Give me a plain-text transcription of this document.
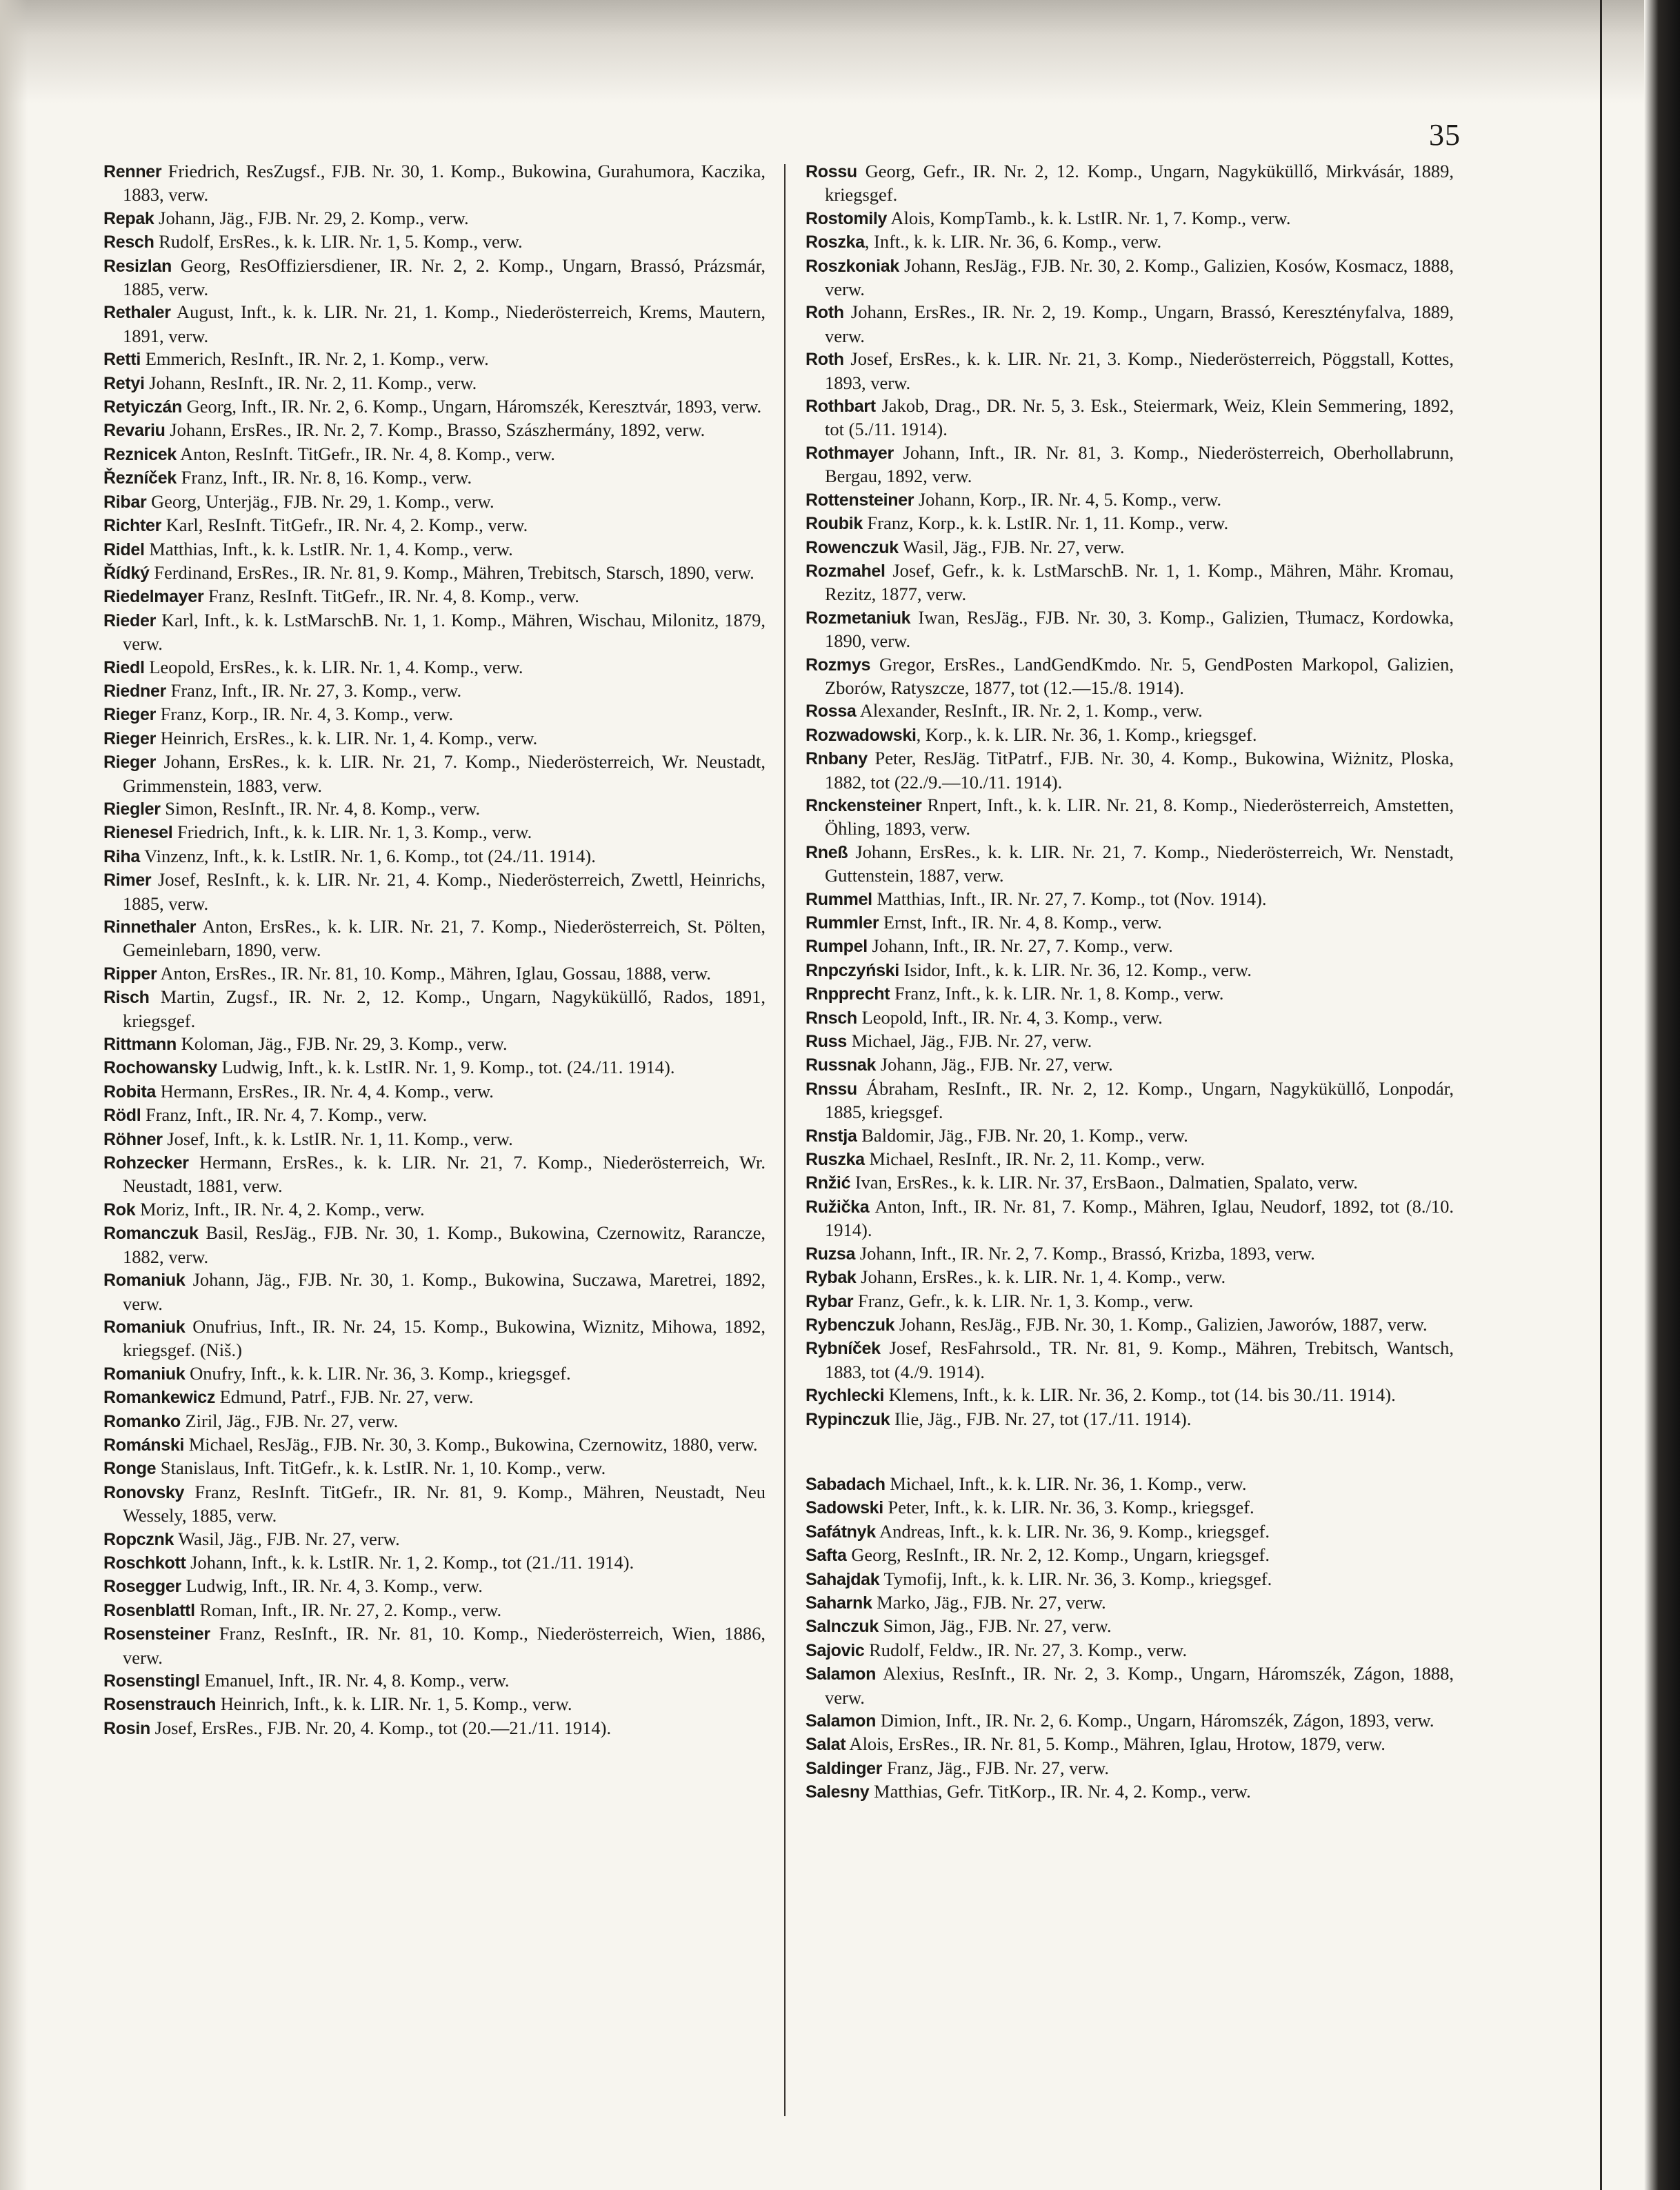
35
Renner Friedrich, ResZugsf., FJB. Nr. 30, 1. Komp., Bukowina, Gurahumora, Kaczika, 1883, verw.
Repak Johann, Jäg., FJB. Nr. 29, 2. Komp., verw.
Resch Rudolf, ErsRes., k. k. LIR. Nr. 1, 5. Komp., verw.
Resizlan Georg, ResOffiziersdiener, IR. Nr. 2, 2. Komp., Ungarn, Brassó, Prázsmár, 1885, verw.
Rethaler August, Inft., k. k. LIR. Nr. 21, 1. Komp., Niederösterreich, Krems, Mautern, 1891, verw.
Retti Emmerich, ResInft., IR. Nr. 2, 1. Komp., verw.
Retyi Johann, ResInft., IR. Nr. 2, 11. Komp., verw.
Retyiczán Georg, Inft., IR. Nr. 2, 6. Komp., Ungarn, Háromszék, Keresztvár, 1893, verw.
Revariu Johann, ErsRes., IR. Nr. 2, 7. Komp., Brasso, Szászhermány, 1892, verw.
Reznicek Anton, ResInft. TitGefr., IR. Nr. 4, 8. Komp., verw.
Řezníček Franz, Inft., IR. Nr. 8, 16. Komp., verw.
Ribar Georg, Unterjäg., FJB. Nr. 29, 1. Komp., verw.
Richter Karl, ResInft. TitGefr., IR. Nr. 4, 2. Komp., verw.
Ridel Matthias, Inft., k. k. LstIR. Nr. 1, 4. Komp., verw.
Řídký Ferdinand, ErsRes., IR. Nr. 81, 9. Komp., Mähren, Trebitsch, Starsch, 1890, verw.
Riedelmayer Franz, ResInft. TitGefr., IR. Nr. 4, 8. Komp., verw.
Rieder Karl, Inft., k. k. LstMarschB. Nr. 1, 1. Komp., Mähren, Wischau, Milonitz, 1879, verw.
Riedl Leopold, ErsRes., k. k. LIR. Nr. 1, 4. Komp., verw.
Riedner Franz, Inft., IR. Nr. 27, 3. Komp., verw.
Rieger Franz, Korp., IR. Nr. 4, 3. Komp., verw.
Rieger Heinrich, ErsRes., k. k. LIR. Nr. 1, 4. Komp., verw.
Rieger Johann, ErsRes., k. k. LIR. Nr. 21, 7. Komp., Niederösterreich, Wr. Neustadt, Grimmenstein, 1883, verw.
Riegler Simon, ResInft., IR. Nr. 4, 8. Komp., verw.
Rienesel Friedrich, Inft., k. k. LIR. Nr. 1, 3. Komp., verw.
Riha Vinzenz, Inft., k. k. LstIR. Nr. 1, 6. Komp., tot (24./11. 1914).
Rimer Josef, ResInft., k. k. LIR. Nr. 21, 4. Komp., Niederösterreich, Zwettl, Heinrichs, 1885, verw.
Rinnethaler Anton, ErsRes., k. k. LIR. Nr. 21, 7. Komp., Niederösterreich, St. Pölten, Gemeinlebarn, 1890, verw.
Ripper Anton, ErsRes., IR. Nr. 81, 10. Komp., Mähren, Iglau, Gossau, 1888, verw.
Risch Martin, Zugsf., IR. Nr. 2, 12. Komp., Ungarn, Nagyküküllő, Rados, 1891, kriegsgef.
Rittmann Koloman, Jäg., FJB. Nr. 29, 3. Komp., verw.
Rochowansky Ludwig, Inft., k. k. LstIR. Nr. 1, 9. Komp., tot. (24./11. 1914).
Robita Hermann, ErsRes., IR. Nr. 4, 4. Komp., verw.
Rödl Franz, Inft., IR. Nr. 4, 7. Komp., verw.
Röhner Josef, Inft., k. k. LstIR. Nr. 1, 11. Komp., verw.
Rohzecker Hermann, ErsRes., k. k. LIR. Nr. 21, 7. Komp., Niederösterreich, Wr. Neustadt, 1881, verw.
Rok Moriz, Inft., IR. Nr. 4, 2. Komp., verw.
Romanczuk Basil, ResJäg., FJB. Nr. 30, 1. Komp., Bukowina, Czernowitz, Rarancze, 1882, verw.
Romaniuk Johann, Jäg., FJB. Nr. 30, 1. Komp., Bukowina, Suczawa, Maretrei, 1892, verw.
Romaniuk Onufrius, Inft., IR. Nr. 24, 15. Komp., Bukowina, Wiznitz, Mihowa, 1892, kriegsgef. (Niš.)
Romaniuk Onufry, Inft., k. k. LIR. Nr. 36, 3. Komp., kriegsgef.
Romankewicz Edmund, Patrf., FJB. Nr. 27, verw.
Romanko Ziril, Jäg., FJB. Nr. 27, verw.
Románski Michael, ResJäg., FJB. Nr. 30, 3. Komp., Bukowina, Czernowitz, 1880, verw.
Ronge Stanislaus, Inft. TitGefr., k. k. LstIR. Nr. 1, 10. Komp., verw.
Ronovsky Franz, ResInft. TitGefr., IR. Nr. 81, 9. Komp., Mähren, Neustadt, Neu Wessely, 1885, verw.
Ropcznk Wasil, Jäg., FJB. Nr. 27, verw.
Roschkott Johann, Inft., k. k. LstIR. Nr. 1, 2. Komp., tot (21./11. 1914).
Rosegger Ludwig, Inft., IR. Nr. 4, 3. Komp., verw.
Rosenblattl Roman, Inft., IR. Nr. 27, 2. Komp., verw.
Rosensteiner Franz, ResInft., IR. Nr. 81, 10. Komp., Niederösterreich, Wien, 1886, verw.
Rosenstingl Emanuel, Inft., IR. Nr. 4, 8. Komp., verw.
Rosenstrauch Heinrich, Inft., k. k. LIR. Nr. 1, 5. Komp., verw.
Rosin Josef, ErsRes., FJB. Nr. 20, 4. Komp., tot (20.—21./11. 1914).
Rossu Georg, Gefr., IR. Nr. 2, 12. Komp., Ungarn, Nagyküküllő, Mirkvásár, 1889, kriegsgef.
Rostomily Alois, KompTamb., k. k. LstIR. Nr. 1, 7. Komp., verw.
Roszka, Inft., k. k. LIR. Nr. 36, 6. Komp., verw.
Roszkoniak Johann, ResJäg., FJB. Nr. 30, 2. Komp., Galizien, Kosów, Kosmacz, 1888, verw.
Roth Johann, ErsRes., IR. Nr. 2, 19. Komp., Ungarn, Brassó, Keresztényfalva, 1889, verw.
Roth Josef, ErsRes., k. k. LIR. Nr. 21, 3. Komp., Niederösterreich, Pöggstall, Kottes, 1893, verw.
Rothbart Jakob, Drag., DR. Nr. 5, 3. Esk., Steiermark, Weiz, Klein Semmering, 1892, tot (5./11. 1914).
Rothmayer Johann, Inft., IR. Nr. 81, 3. Komp., Niederösterreich, Oberhollabrunn, Bergau, 1892, verw.
Rottensteiner Johann, Korp., IR. Nr. 4, 5. Komp., verw.
Roubik Franz, Korp., k. k. LstIR. Nr. 1, 11. Komp., verw.
Rowenczuk Wasil, Jäg., FJB. Nr. 27, verw.
Rozmahel Josef, Gefr., k. k. LstMarschB. Nr. 1, 1. Komp., Mähren, Mähr. Kromau, Rezitz, 1877, verw.
Rozmetaniuk Iwan, ResJäg., FJB. Nr. 30, 3. Komp., Galizien, Tłumacz, Kordowka, 1890, verw.
Rozmys Gregor, ErsRes., LandGendKmdo. Nr. 5, GendPosten Markopol, Galizien, Zborów, Ratyszcze, 1877, tot (12.—15./8. 1914).
Rossa Alexander, ResInft., IR. Nr. 2, 1. Komp., verw.
Rozwadowski, Korp., k. k. LIR. Nr. 36, 1. Komp., kriegsgef.
Rnbany Peter, ResJäg. TitPatrf., FJB. Nr. 30, 4. Komp., Bukowina, Wiżnitz, Ploska, 1882, tot (22./9.—10./11. 1914).
Rnckensteiner Rnpert, Inft., k. k. LIR. Nr. 21, 8. Komp., Niederösterreich, Amstetten, Öhling, 1893, verw.
Rneß Johann, ErsRes., k. k. LIR. Nr. 21, 7. Komp., Niederösterreich, Wr. Nenstadt, Guttenstein, 1887, verw.
Rummel Matthias, Inft., IR. Nr. 27, 7. Komp., tot (Nov. 1914).
Rummler Ernst, Inft., IR. Nr. 4, 8. Komp., verw.
Rumpel Johann, Inft., IR. Nr. 27, 7. Komp., verw.
Rnpczyński Isidor, Inft., k. k. LIR. Nr. 36, 12. Komp., verw.
Rnpprecht Franz, Inft., k. k. LIR. Nr. 1, 8. Komp., verw.
Rnsch Leopold, Inft., IR. Nr. 4, 3. Komp., verw.
Russ Michael, Jäg., FJB. Nr. 27, verw.
Russnak Johann, Jäg., FJB. Nr. 27, verw.
Rnssu Ábraham, ResInft., IR. Nr. 2, 12. Komp., Ungarn, Nagyküküllő, Lonpodár, 1885, kriegsgef.
Rnstja Baldomir, Jäg., FJB. Nr. 20, 1. Komp., verw.
Ruszka Michael, ResInft., IR. Nr. 2, 11. Komp., verw.
Rnžić Ivan, ErsRes., k. k. LIR. Nr. 37, ErsBaon., Dalmatien, Spalato, verw.
Ružička Anton, Inft., IR. Nr. 81, 7. Komp., Mähren, Iglau, Neudorf, 1892, tot (8./10. 1914).
Ruzsa Johann, Inft., IR. Nr. 2, 7. Komp., Brassó, Krizba, 1893, verw.
Rybak Johann, ErsRes., k. k. LIR. Nr. 1, 4. Komp., verw.
Rybar Franz, Gefr., k. k. LIR. Nr. 1, 3. Komp., verw.
Rybenczuk Johann, ResJäg., FJB. Nr. 30, 1. Komp., Galizien, Jaworów, 1887, verw.
Rybníček Josef, ResFahrsold., TR. Nr. 81, 9. Komp., Mähren, Trebitsch, Wantsch, 1883, tot (4./9. 1914).
Rychlecki Klemens, Inft., k. k. LIR. Nr. 36, 2. Komp., tot (14. bis 30./11. 1914).
Rypinczuk Ilie, Jäg., FJB. Nr. 27, tot (17./11. 1914).
Sabadach Michael, Inft., k. k. LIR. Nr. 36, 1. Komp., verw.
Sadowski Peter, Inft., k. k. LIR. Nr. 36, 3. Komp., kriegsgef.
Safátnyk Andreas, Inft., k. k. LIR. Nr. 36, 9. Komp., kriegsgef.
Safta Georg, ResInft., IR. Nr. 2, 12. Komp., Ungarn, kriegsgef.
Sahajdak Tymofij, Inft., k. k. LIR. Nr. 36, 3. Komp., kriegsgef.
Saharnk Marko, Jäg., FJB. Nr. 27, verw.
Salnczuk Simon, Jäg., FJB. Nr. 27, verw.
Sajovic Rudolf, Feldw., IR. Nr. 27, 3. Komp., verw.
Salamon Alexius, ResInft., IR. Nr. 2, 3. Komp., Ungarn, Háromszék, Zágon, 1888, verw.
Salamon Dimion, Inft., IR. Nr. 2, 6. Komp., Ungarn, Háromszék, Zágon, 1893, verw.
Salat Alois, ErsRes., IR. Nr. 81, 5. Komp., Mähren, Iglau, Hrotow, 1879, verw.
Saldinger Franz, Jäg., FJB. Nr. 27, verw.
Salesny Matthias, Gefr. TitKorp., IR. Nr. 4, 2. Komp., verw.
